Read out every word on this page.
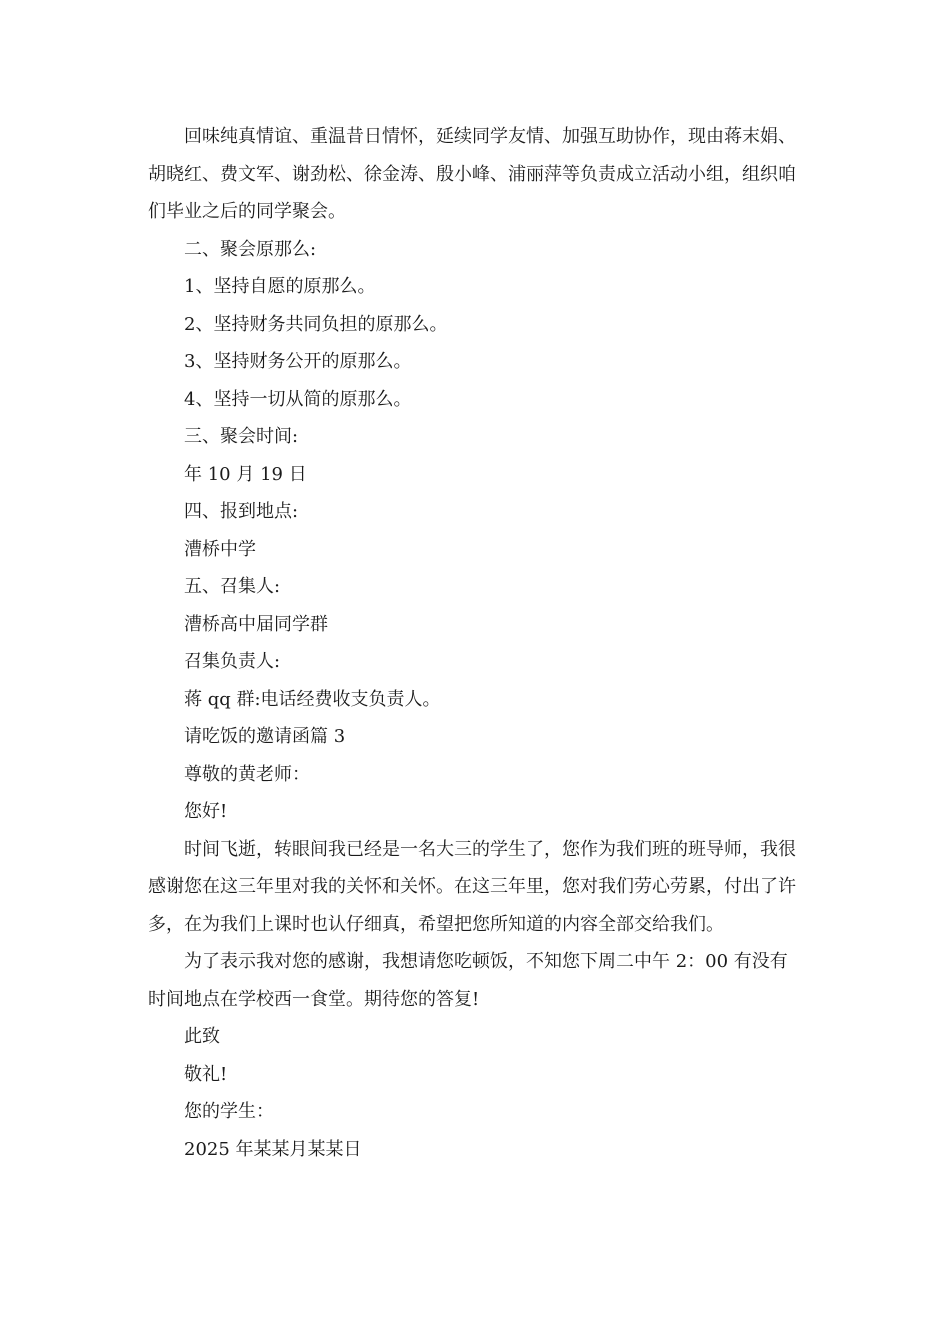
回味纯真情谊、重温昔日情怀，延续同学友情、加强互助协作，现由蒋末娟、胡晓红、费文军、谢劲松、徐金涛、殷小峰、浦丽萍等负责成立活动小组，组织咱们毕业之后的同学聚会。

二、聚会原那么:

1、坚持自愿的原那么。

2、坚持财务共同负担的原那么。

3、坚持财务公开的原那么。

4、坚持一切从简的原那么。

三、聚会时间:

年 10 月 19 日

四、报到地点:

漕桥中学

五、召集人:

漕桥高中届同学群

召集负责人:

蒋 qq 群:电话经费收支负责人。

请吃饭的邀请函篇 3

尊敬的黄老师：

您好!

时间飞逝，转眼间我已经是一名大三的学生了，您作为我们班的班导师，我很感谢您在这三年里对我的关怀和关怀。在这三年里，您对我们劳心劳累，付出了许多，在为我们上课时也认仔细真，希望把您所知道的内容全部交给我们。

为了表示我对您的感谢，我想请您吃顿饭，不知您下周二中午 2：00 有没有时间地点在学校西一食堂。期待您的答复!

此致

敬礼!

您的学生：

2025 年某某月某某日
